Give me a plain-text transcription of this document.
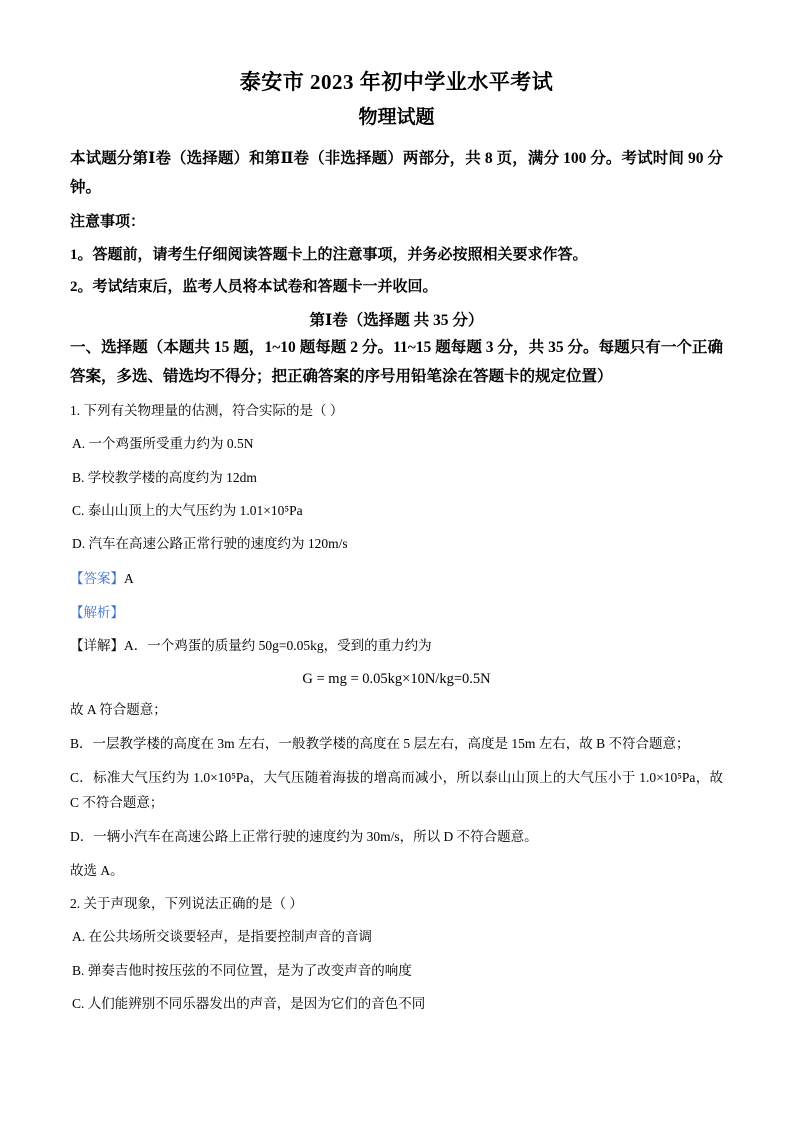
泰安市 2023 年初中学业水平考试
物理试题

本试题分第Ⅰ卷（选择题）和第Ⅱ卷（非选择题）两部分，共 8 页，满分 100 分。考试时间 90 分钟。

注意事项：

1。答题前，请考生仔细阅读答题卡上的注意事项，并务必按照相关要求作答。

2。考试结束后，监考人员将本试卷和答题卡一并收回。

第Ⅰ卷（选择题 共 35 分）

一、选择题（本题共 15 题，1~10 题每题 2 分。11~15 题每题 3 分，共 35 分。每题只有一个正确答案，多选、错选均不得分；把正确答案的序号用铅笔涂在答题卡的规定位置）

1. 下列有关物理量的估测，符合实际的是（ ）

A. 一个鸡蛋所受重力约为 0.5N

B. 学校教学楼的高度约为 12dm

C. 泰山山顶上的大气压约为 1.01×10⁵Pa

D. 汽车在高速公路正常行驶的速度约为 120m/s

【答案】A

【解析】

【详解】A．一个鸡蛋的质量约 50g=0.05kg，受到的重力约为

G = mg = 0.05kg×10N/kg=0.5N

故 A 符合题意；

B．一层教学楼的高度在 3m 左右，一般教学楼的高度在 5 层左右，高度是 15m 左右，故 B 不符合题意；

C．标准大气压约为 1.0×10⁵Pa，大气压随着海拔的增高而减小，所以泰山山顶上的大气压小于 1.0×10⁵Pa，故 C 不符合题意；

D．一辆小汽车在高速公路上正常行驶的速度约为 30m/s，所以 D 不符合题意。

故选 A。

2. 关于声现象，下列说法正确的是（ ）

A. 在公共场所交谈要轻声，是指要控制声音的音调

B. 弹奏吉他时按压弦的不同位置，是为了改变声音的响度

C. 人们能辨别不同乐器发出的声音，是因为它们的音色不同
